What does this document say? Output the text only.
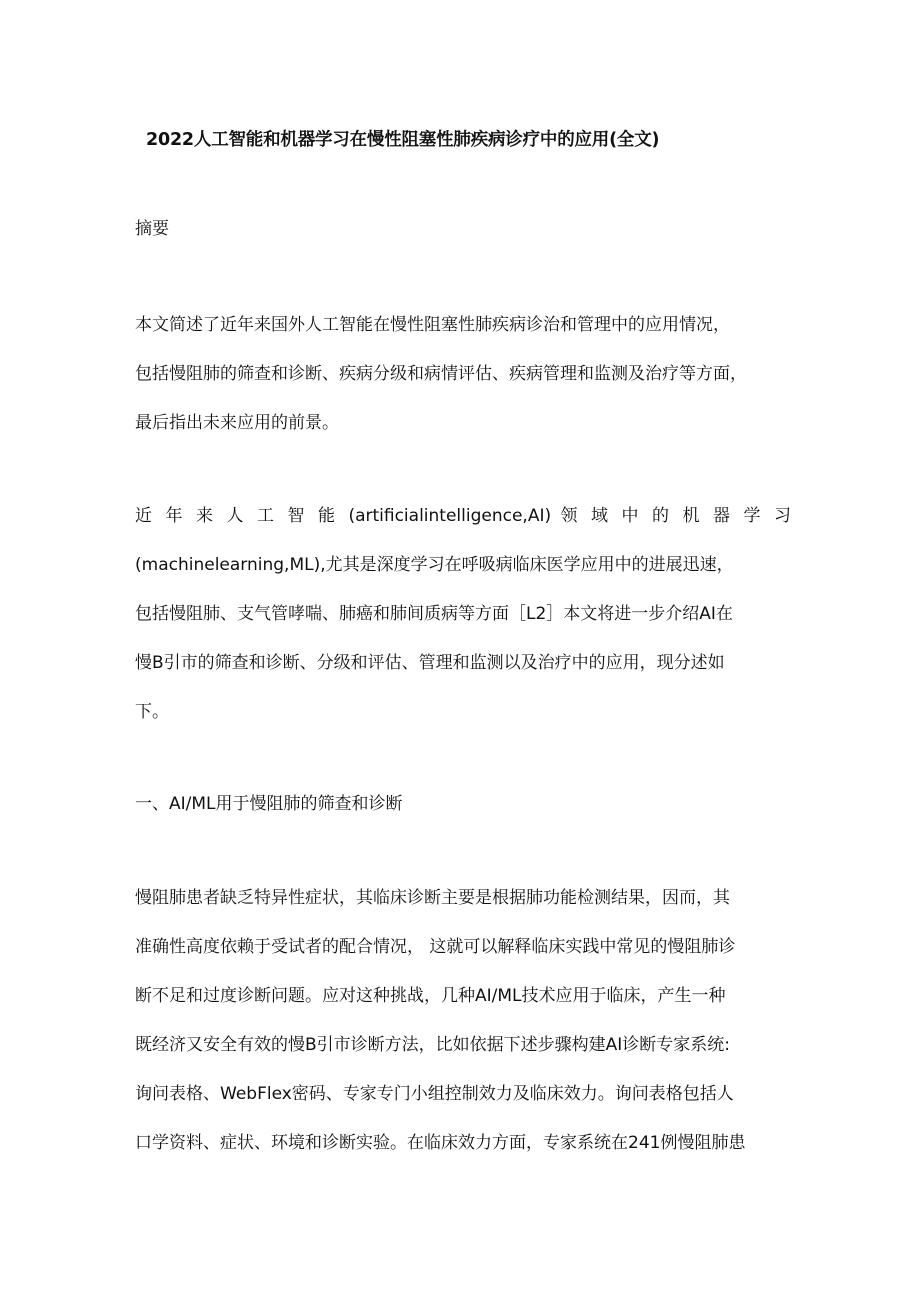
2022人工智能和机器学习在慢性阻塞性肺疾病诊疗中的应用(全文)
摘要
本文简述了近年来国外人工智能在慢性阻塞性肺疾病诊治和管理中的应用情况，
包括慢阻肺的筛查和诊断、疾病分级和病情评估、疾病管理和监测及治疗等方面，
最后指出未来应用的前景。
近 年 来 人 工 智 能 (artificialintelligence,AI) 领 域 中 的 机 器 学 习
(machinelearning,ML),尤其是深度学习在呼吸病临床医学应用中的进展迅速，
包括慢阻肺、支气管哮喘、肺癌和肺间质病等方面［L2］本文将进一步介绍AI在
慢B引市的筛查和诊断、分级和评估、管理和监测以及治疗中的应用，现分述如
下。
一、AI/ML用于慢阻肺的筛查和诊断
慢阻肺患者缺乏特异性症状，其临床诊断主要是根据肺功能检测结果，因而，其
准确性高度依赖于受试者的配合情况， 这就可以解释临床实践中常见的慢阻肺诊
断不足和过度诊断问题。应对这种挑战，几种AI/ML技术应用于临床，产生一种
既经济又安全有效的慢B引市诊断方法，比如依据下述步骤构建AI诊断专家系统:
询问表格、WebFlex密码、专家专门小组控制效力及临床效力。询问表格包括人
口学资料、症状、环境和诊断实验。在临床效力方面，专家系统在241例慢阻肺患
